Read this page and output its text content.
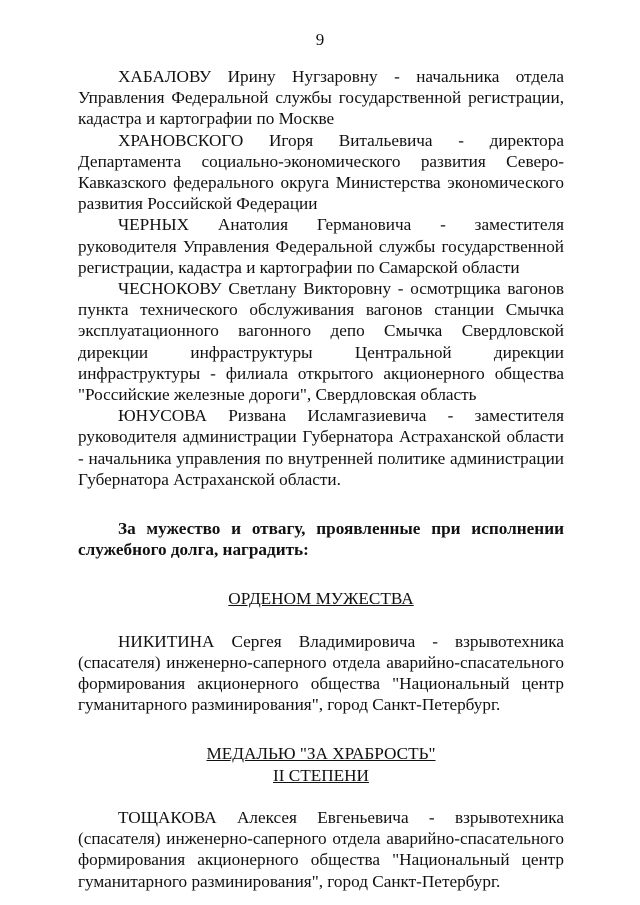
9

ХАБАЛОВУ Ирину Нугзаровну - начальника отдела Управления Федеральной службы государственной регистрации, кадастра и картографии по Москве

ХРАНОВСКОГО Игоря Витальевича - директора Департамента социально-экономического развития Северо-Кавказского федерального округа Министерства экономического развития Российской Федерации

ЧЕРНЫХ Анатолия Германовича - заместителя руководителя Управления Федеральной службы государственной регистрации, кадастра и картографии по Самарской области

ЧЕСНОКОВУ Светлану Викторовну - осмотрщика вагонов пункта технического обслуживания вагонов станции Смычка эксплуатационного вагонного депо Смычка Свердловской дирекции инфраструктуры Центральной дирекции инфраструктуры - филиала открытого акционерного общества "Российские железные дороги", Свердловская область

ЮНУСОВА Ризвана Исламгазиевича - заместителя руководителя администрации Губернатора Астраханской области - начальника управления по внутренней политике администрации Губернатора Астраханской области.

За мужество и отвагу, проявленные при исполнении служебного долга, наградить:

ОРДЕНОМ МУЖЕСТВА

НИКИТИНА Сергея Владимировича - взрывотехника (спасателя) инженерно-саперного отдела аварийно-спасательного формирования акционерного общества "Национальный центр гуманитарного разминирования", город Санкт-Петербург.

МЕДАЛЬЮ "ЗА ХРАБРОСТЬ"

II СТЕПЕНИ

ТОЩАКОВА Алексея Евгеньевича - взрывотехника (спасателя) инженерно-саперного отдела аварийно-спасательного формирования акционерного общества "Национальный центр гуманитарного разминирования", город Санкт-Петербург.
